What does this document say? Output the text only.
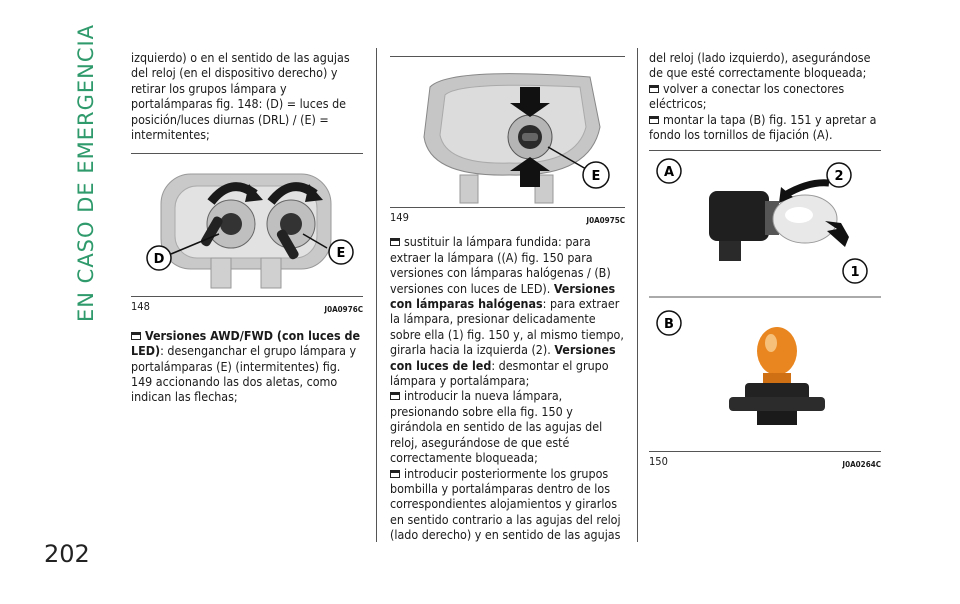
EN CASO DE EMERGENCIA
202

izquierdo) o en el sentido de las agujas del reloj (en el dispositivo derecho) y retirar los grupos lámpara y portalámparas fig. 148: (D) = luces de posición/luces diurnas (DRL) / (E) = intermitentes;

D	E
148	J0A0976C

Versiones AWD/FWD (con luces de LED): desenganchar el grupo lámpara y portalámparas (E) (intermitentes) fig. 149 accionando las dos aletas, como indican las flechas;

E
149	J0A0975C

sustituir la lámpara fundida: para extraer la lámpara ((A) fig. 150 para versiones con lámparas halógenas / (B) versiones con luces de LED). Versiones con lámparas halógenas: para extraer la lámpara, presionar delicadamente sobre ella (1) fig. 150 y, al mismo tiempo, girarla hacia la izquierda (2). Versiones con luces de led: desmontar el grupo lámpara y portalámpara;

introducir la nueva lámpara, presionando sobre ella fig. 150 y girándola en sentido de las agujas del reloj, asegurándose de que esté correctamente bloqueada;

introducir posteriormente los grupos bombilla y portalámparas dentro de los correspondientes alojamientos y girarlos en sentido contrario a las agujas del reloj (lado derecho) y en sentido de las agujas

del reloj (lado izquierdo), asegurándose de que esté correctamente bloqueada;

volver a conectar los conectores eléctricos;

montar la tapa (B) fig. 151 y apretar a fondo los tornillos de fijación (A).

A	2
1
B
150	J0A0264C
